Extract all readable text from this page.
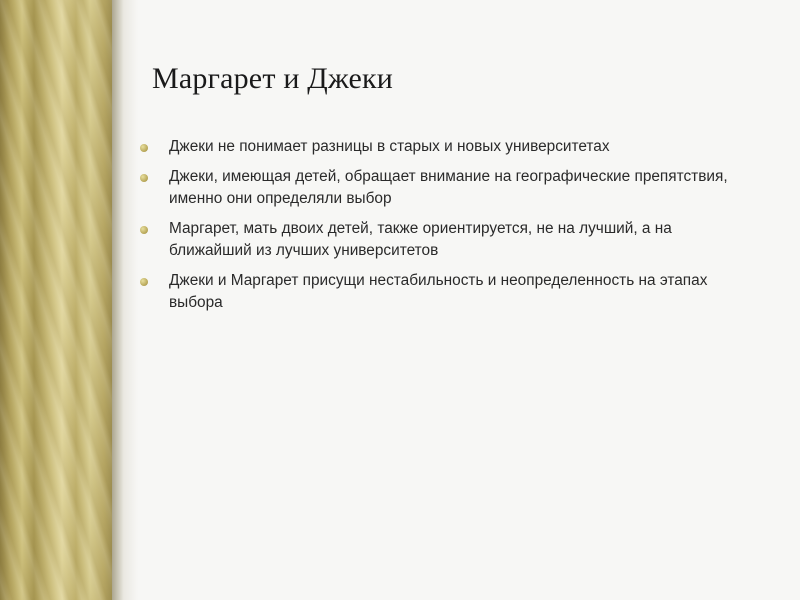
Маргарет и Джеки
Джеки не понимает разницы в старых и новых университетах
Джеки, имеющая детей, обращает внимание на географические препятствия, именно они определяли выбор
Маргарет, мать двоих детей, также ориентируется, не на лучший, а на ближайший из лучших университетов
Джеки и Маргарет присущи нестабильность и неопределенность на этапах выбора
